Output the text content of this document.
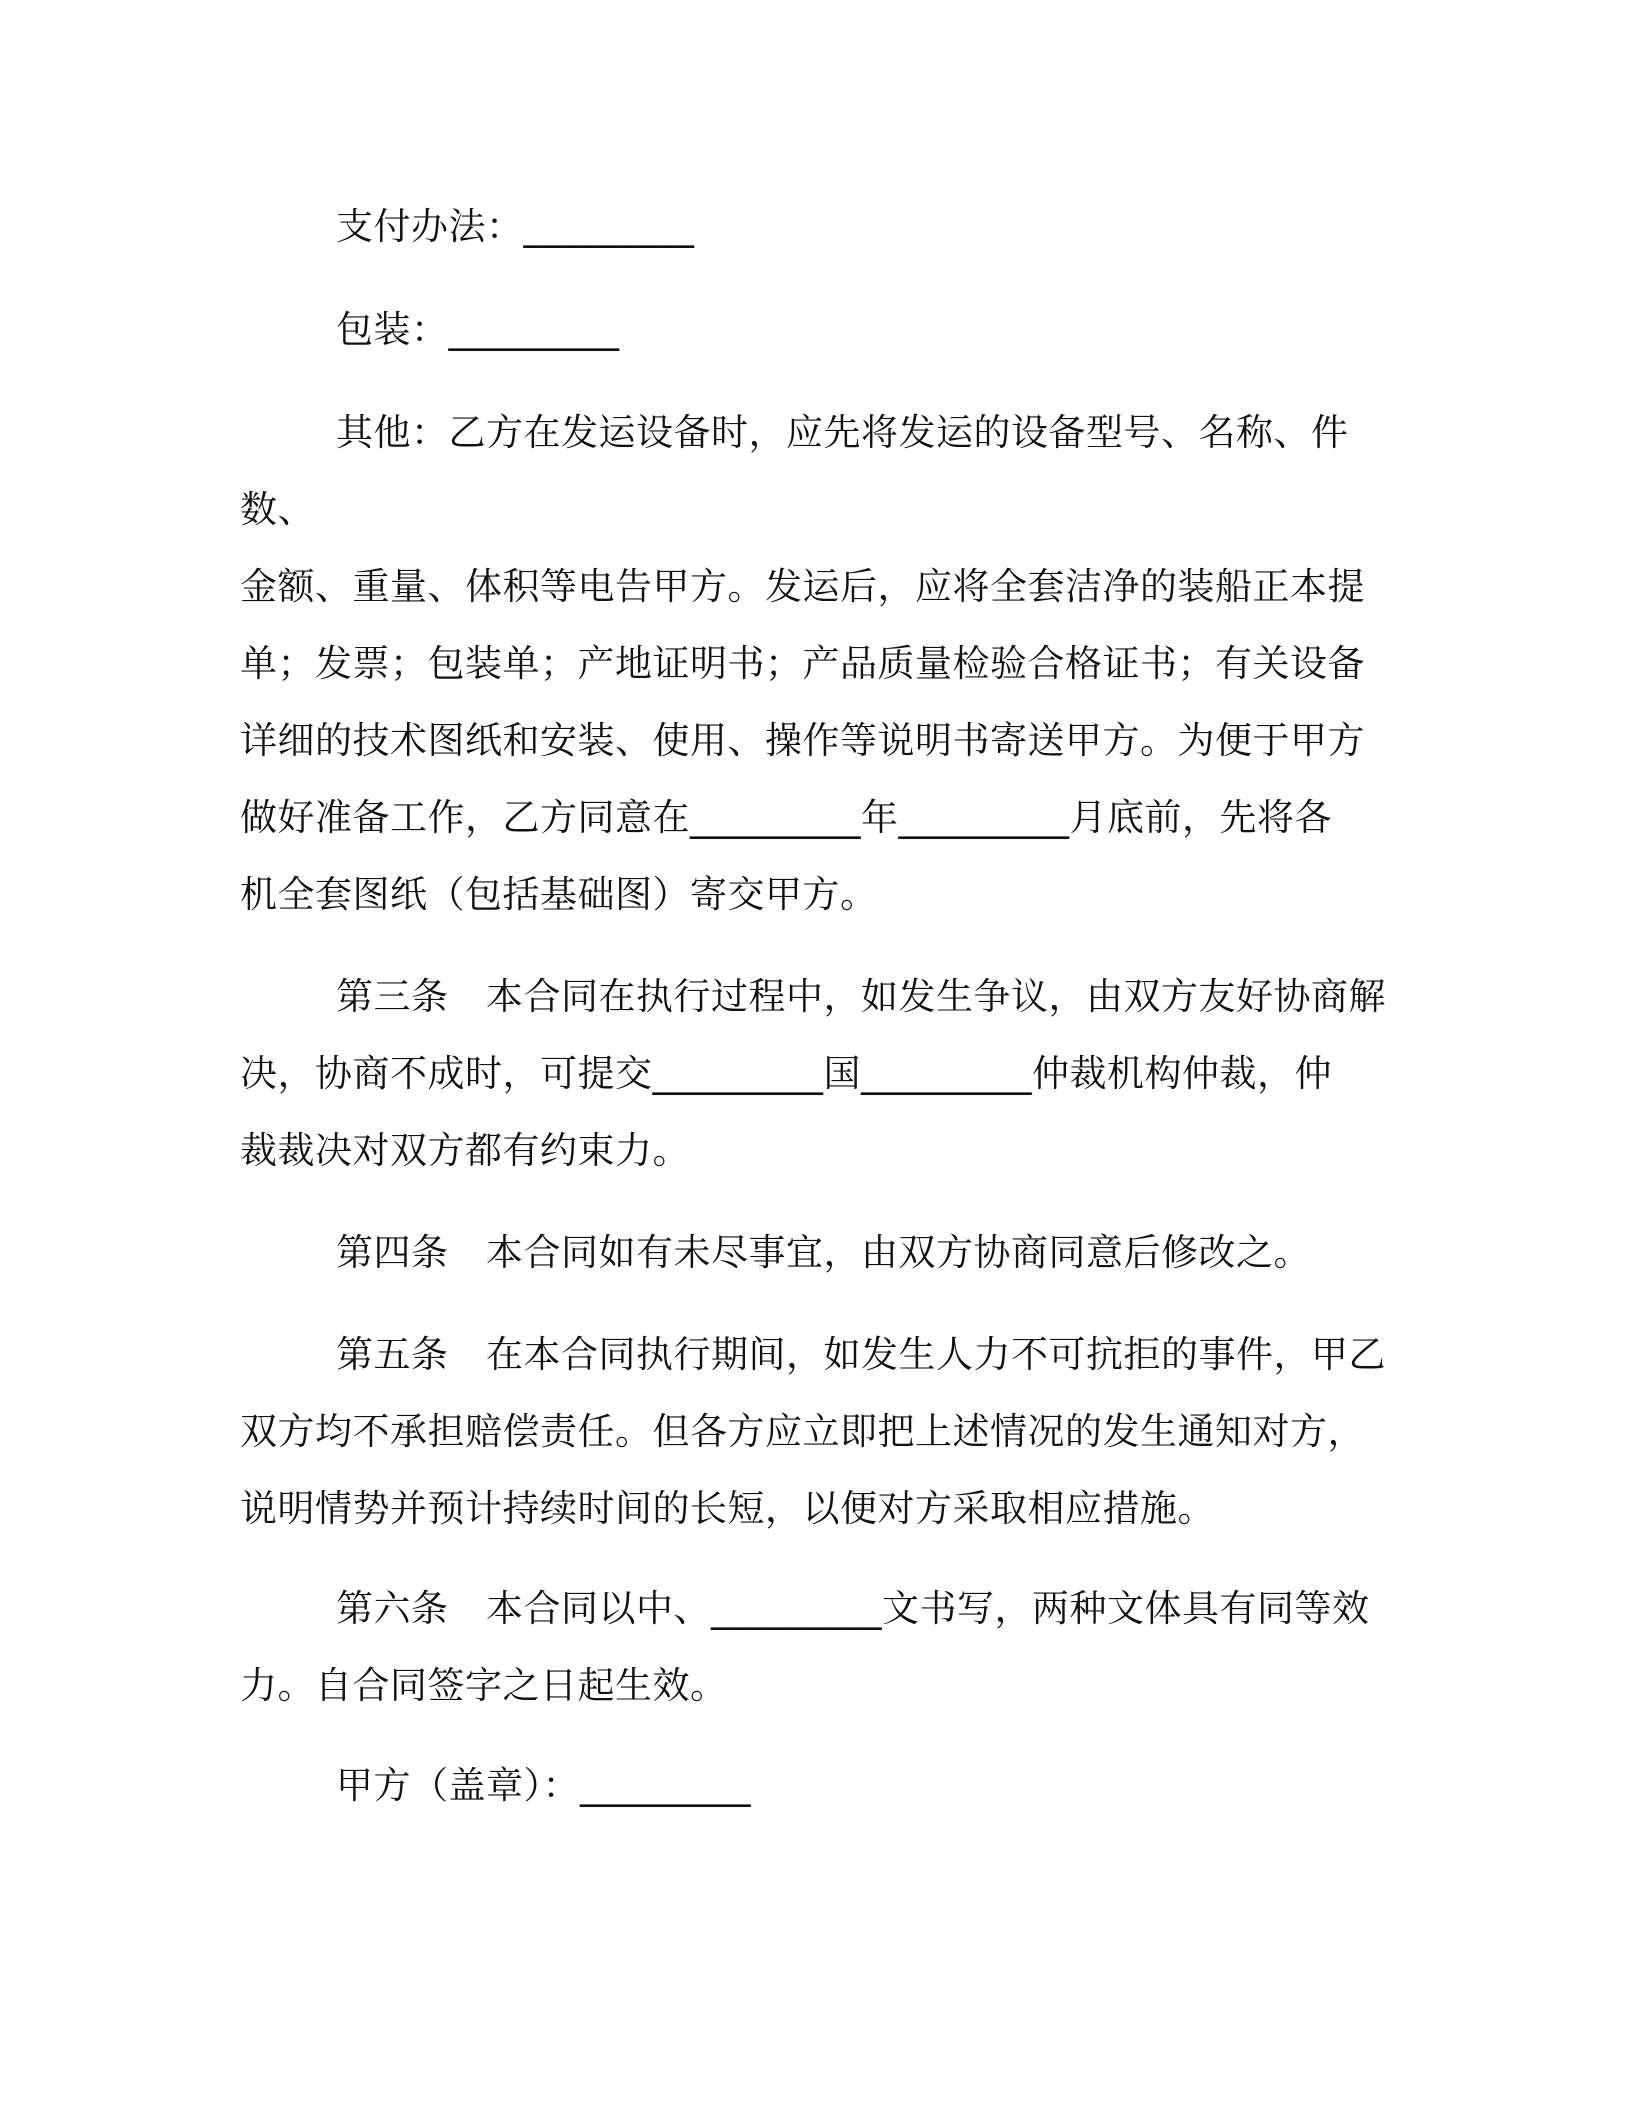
支付办法：_________

包装：_________

其他：乙方在发运设备时，应先将发运的设备型号、名称、件数、
金额、重量、体积等电告甲方。发运后，应将全套洁净的装船正本提
单；发票；包装单；产地证明书；产品质量检验合格证书；有关设备
详细的技术图纸和安装、使用、操作等说明书寄送甲方。为便于甲方
做好准备工作，乙方同意在_________年_________月底前，先将各
机全套图纸（包括基础图）寄交甲方。

第三条　本合同在执行过程中，如发生争议，由双方友好协商解
决，协商不成时，可提交_________国_________仲裁机构仲裁，仲
裁裁决对双方都有约束力。

第四条　本合同如有未尽事宜，由双方协商同意后修改之。

第五条　在本合同执行期间，如发生人力不可抗拒的事件，甲乙
双方均不承担赔偿责任。但各方应立即把上述情况的发生通知对方，
说明情势并预计持续时间的长短，以便对方采取相应措施。

第六条　本合同以中、_________文书写，两种文体具有同等效
力。自合同签字之日起生效。

甲方（盖章）：_________
